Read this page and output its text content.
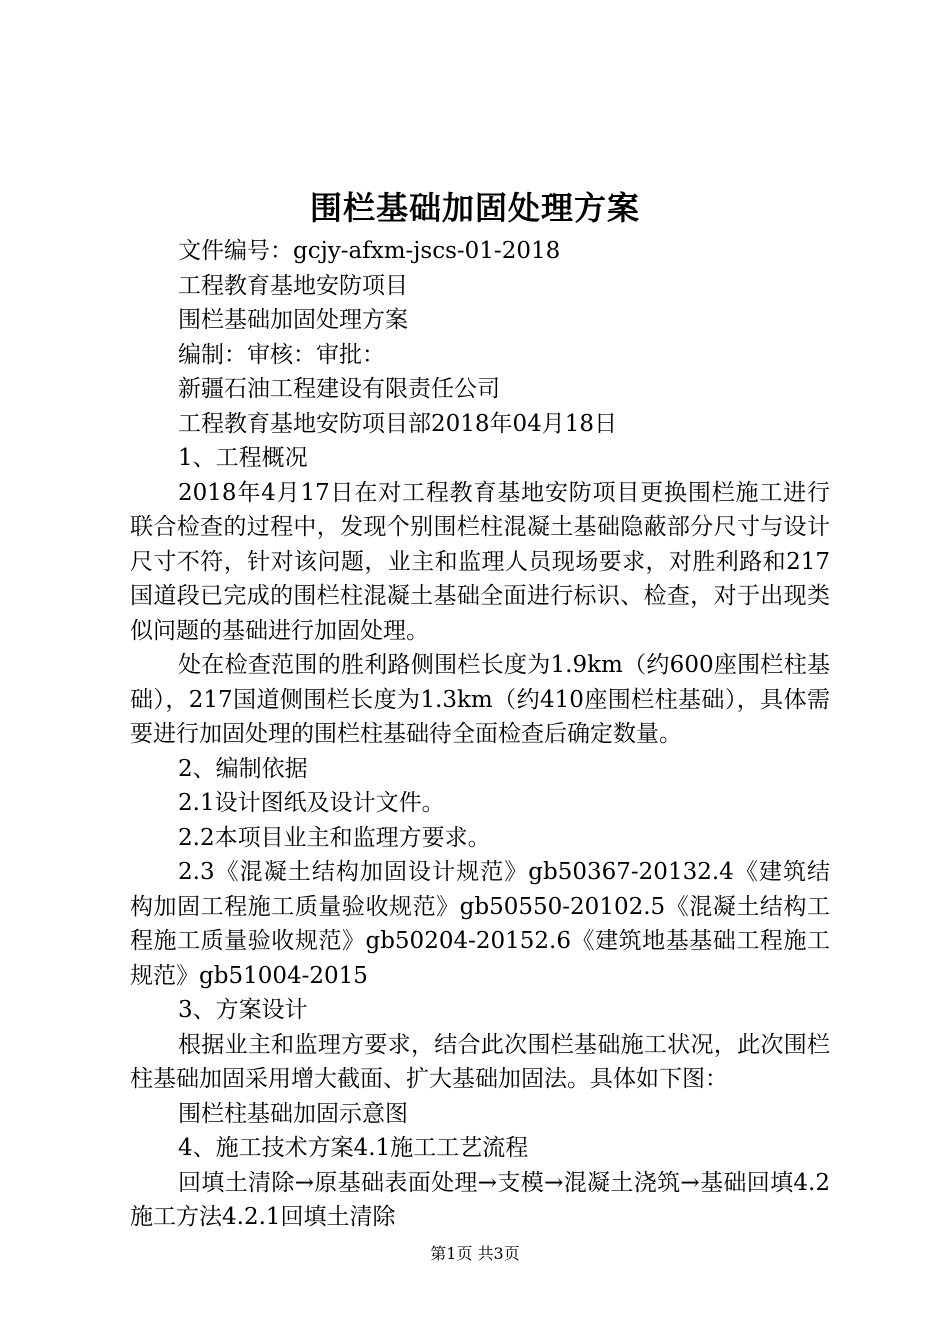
围栏基础加固处理方案

文件编号：gcjy-afxm-jscs-01-2018

工程教育基地安防项目

围栏基础加固处理方案

编制：审核：审批：

新疆石油工程建设有限责任公司

工程教育基地安防项目部2018年04月18日

1、工程概况

2018年4月17日在对工程教育基地安防项目更换围栏施工进行联合检查的过程中，发现个别围栏柱混凝土基础隐蔽部分尺寸与设计尺寸不符，针对该问题，业主和监理人员现场要求，对胜利路和217国道段已完成的围栏柱混凝土基础全面进行标识、检查，对于出现类似问题的基础进行加固处理。

处在检查范围的胜利路侧围栏长度为1.9km（约600座围栏柱基础），217国道侧围栏长度为1.3km（约410座围栏柱基础），具体需要进行加固处理的围栏柱基础待全面检查后确定数量。

2、编制依据

2.1设计图纸及设计文件。

2.2本项目业主和监理方要求。

2.3《混凝土结构加固设计规范》gb50367-20132.4《建筑结构加固工程施工质量验收规范》gb50550-20102.5《混凝土结构工程施工质量验收规范》gb50204-20152.6《建筑地基基础工程施工规范》gb51004-2015

3、方案设计

根据业主和监理方要求，结合此次围栏基础施工状况，此次围栏柱基础加固采用增大截面、扩大基础加固法。具体如下图：

围栏柱基础加固示意图

4、施工技术方案4.1施工工艺流程

回填土清除→原基础表面处理→支模→混凝土浇筑→基础回填4.2施工方法4.2.1回填土清除

第1页 共3页
